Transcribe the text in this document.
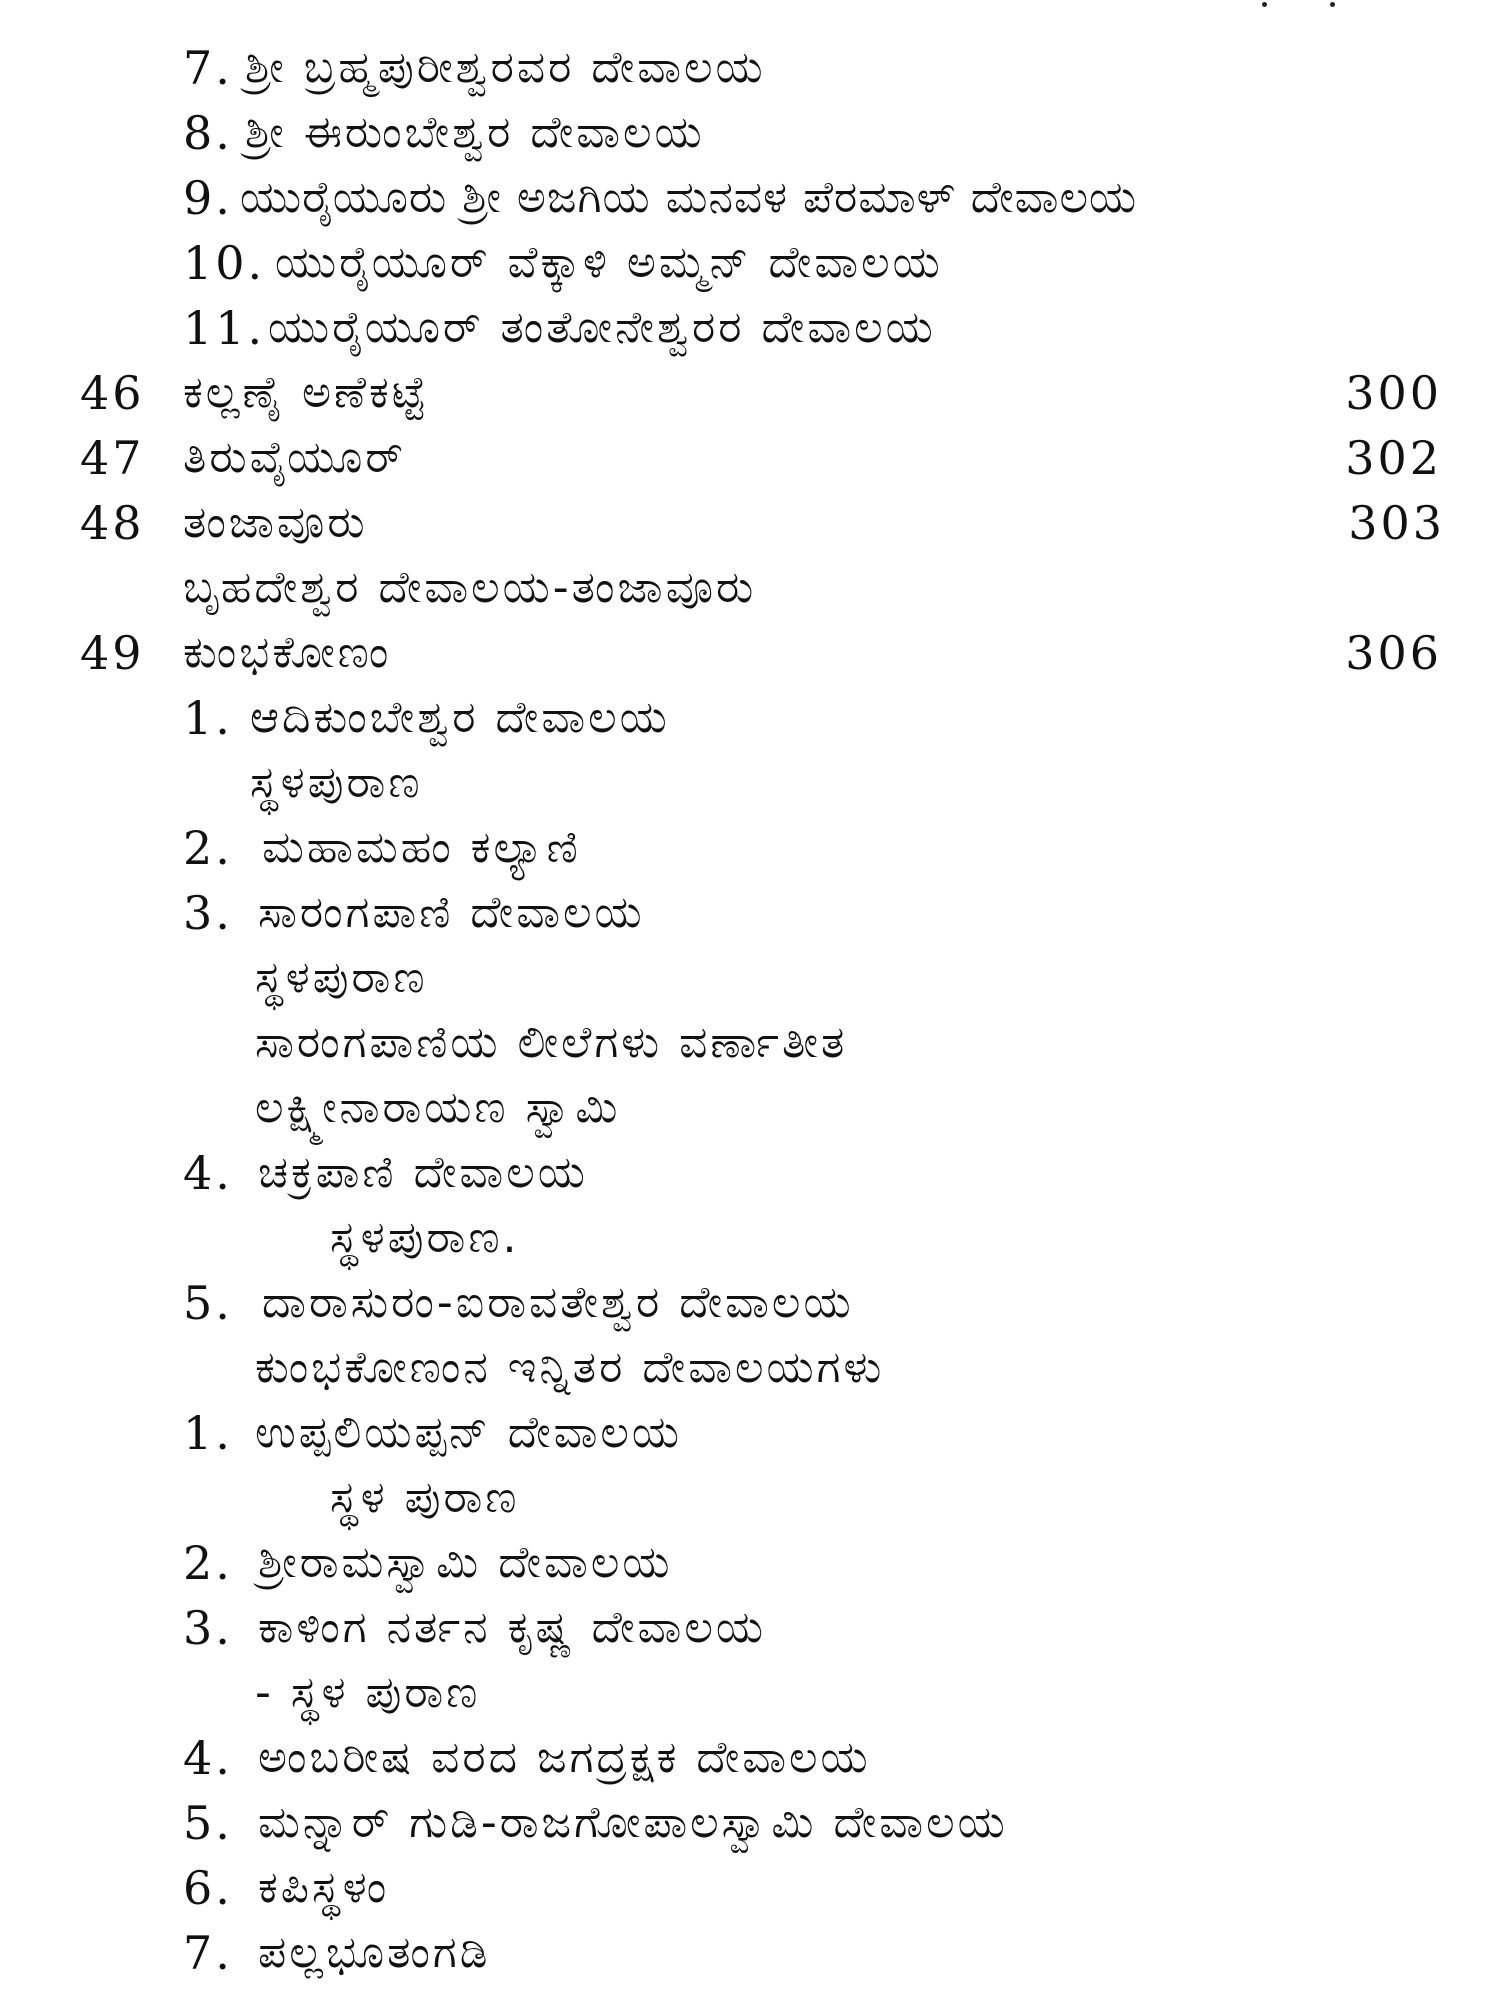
7. ಶ್ರೀ ಬ್ರಹ್ಮಪುರೀಶ್ವರವರ ದೇವಾಲಯ
8. ಶ್ರೀ ಈರುಂಬೇಶ್ವರ ದೇವಾಲಯ
9. ಯುರೈಯೂರು ಶ್ರೀ ಅಜಗಿಯ ಮನವಳ ಪೆರಮಾಳ್ ದೇವಾಲಯ
10. ಯುರೈಯೂರ್ ವೆಕ್ಕಾಳಿ ಅಮ್ಮನ್ ದೇವಾಲಯ
11. ಯುರೈಯೂರ್ ತಂತೋನೇಶ್ವರರ ದೇವಾಲಯ
46 ಕಲ್ಲಣೈ ಅಣೆಕಟ್ಟೆ	300
47 ತಿರುವೈಯೂರ್	302
48 ತಂಜಾವೂರು	303
ಬೃಹದೇಶ್ವರ ದೇವಾಲಯ-ತಂಜಾವೂರು
49 ಕುಂಭಕೋಣಂ	306
1. ಆದಿಕುಂಬೇಶ್ವರ ದೇವಾಲಯ
ಸ್ಥಳಪುರಾಣ
2. ಮಹಾಮಹಂ ಕಲ್ಯಾಣಿ
3. ಸಾರಂಗಪಾಣಿ ದೇವಾಲಯ
ಸ್ಥಳಪುರಾಣ
ಸಾರಂಗಪಾಣಿಯ ಲೀಲೆಗಳು ವರ್ಣಾತೀತ
ಲಕ್ಷ್ಮೀನಾರಾಯಣ ಸ್ವಾಮಿ
4. ಚಕ್ರಪಾಣಿ ದೇವಾಲಯ
ಸ್ಥಳಪುರಾಣ.
5. ದಾರಾಸುರಂ-ಐರಾವತೇಶ್ವರ ದೇವಾಲಯ
ಕುಂಭಕೋಣಂನ ಇನ್ನಿತರ ದೇವಾಲಯಗಳು
1. ಉಪ್ಪಲಿಯಪ್ಪನ್ ದೇವಾಲಯ
ಸ್ಥಳ ಪುರಾಣ
2. ಶ್ರೀರಾಮಸ್ವಾಮಿ ದೇವಾಲಯ
3. ಕಾಳಿಂಗ ನರ್ತನ ಕೃಷ್ಣ ದೇವಾಲಯ
- ಸ್ಥಳ ಪುರಾಣ
4. ಅಂಬರೀಷ ವರದ ಜಗದ್ರಕ್ಷಕ ದೇವಾಲಯ
5. ಮನ್ನಾರ್ ಗುಡಿ-ರಾಜಗೋಪಾಲಸ್ವಾಮಿ ದೇವಾಲಯ
6. ಕಪಿಸ್ಥಳಂ
7. ಪಲ್ಲಭೂತಂಗಡಿ
